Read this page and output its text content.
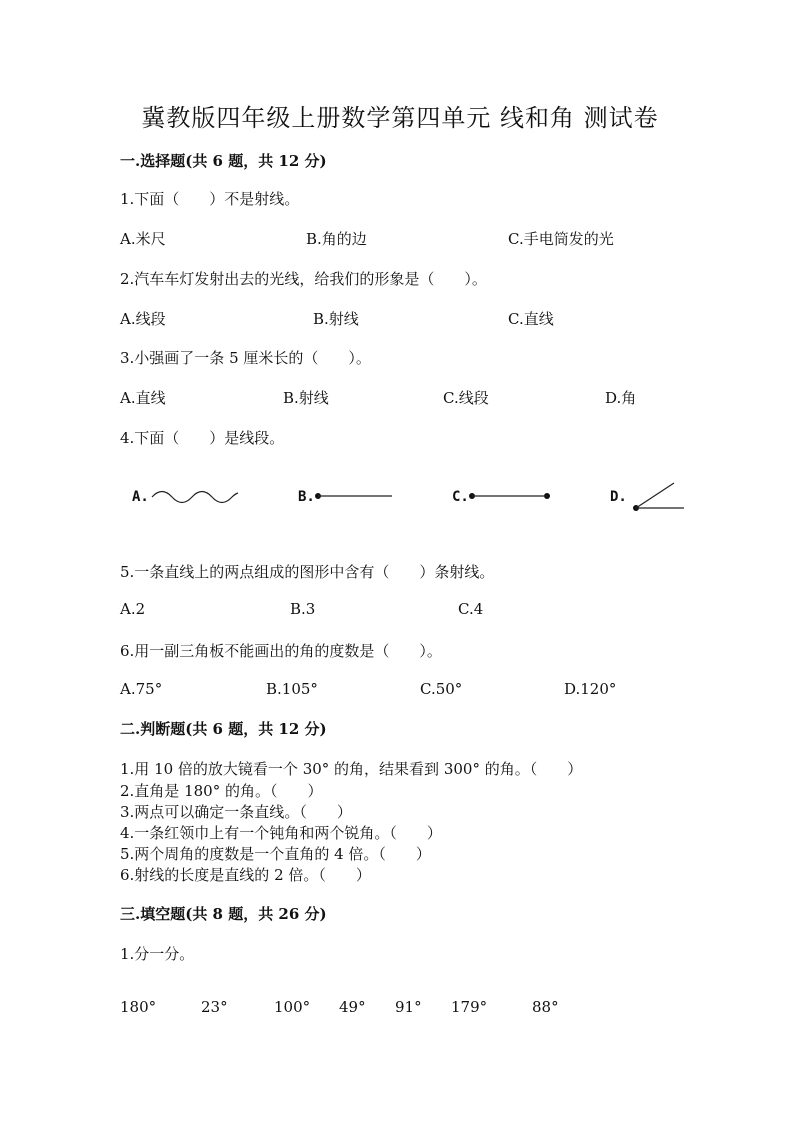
冀教版四年级上册数学第四单元 线和角 测试卷
一.选择题(共 6 题，共 12 分)
1.下面（　　）不是射线。
A.米尺	B.角的边	C.手电筒发的光
2.汽车车灯发射出去的光线，给我们的形象是（　　）。
A.线段	B.射线	C.直线
3.小强画了一条 5 厘米长的（　　）。
A.直线	B.射线	C.线段	D.角
4.下面（　　）是线段。
A.	B.	C.	D.
5.一条直线上的两点组成的图形中含有（　　）条射线。
A.2	B.3	C.4
6.用一副三角板不能画出的角的度数是（　　）。
A.75°	B.105°	C.50°	D.120°
二.判断题(共 6 题，共 12 分)
1.用 10 倍的放大镜看一个 30° 的角，结果看到 300° 的角。（　　）
2.直角是 180° 的角。（　　）
3.两点可以确定一条直线。（　　）
4.一条红领巾上有一个钝角和两个锐角。（　　）
5.两个周角的度数是一个直角的 4 倍。（　　）
6.射线的长度是直线的 2 倍。（　　）
三.填空题(共 8 题，共 26 分)
1.分一分。
180°	23°	100° 49° 91° 179°	88°
